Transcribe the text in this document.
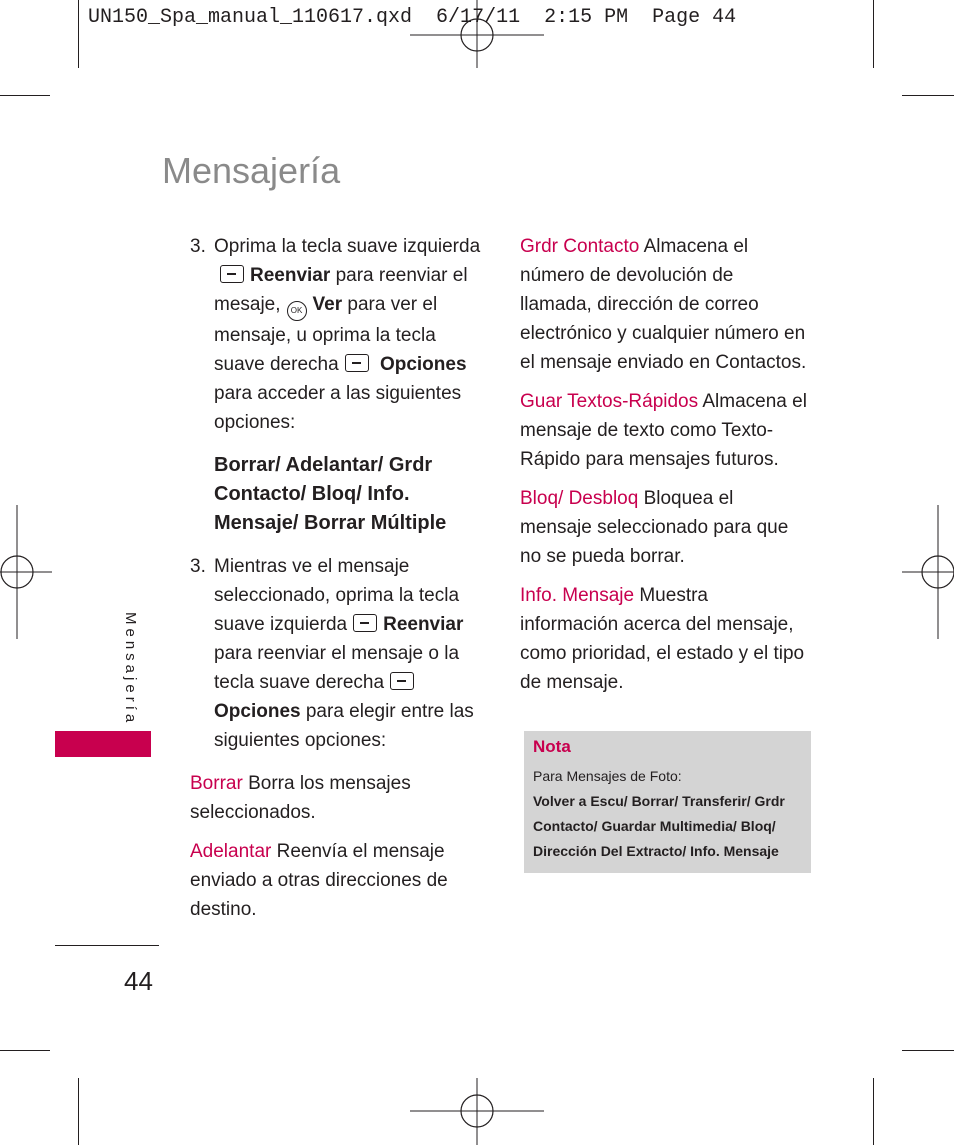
UN150_Spa_manual_110617.qxd  6/17/11  2:15 PM  Page 44
Mensajería
3. Oprima la tecla suave izquierdaReenviar para reenviar el mesaje, OK Ver para ver el mensaje, u oprima la tecla suave derecha Opciones para acceder a las siguientes opciones:
Borrar/ Adelantar/ Grdr Contacto/ Bloq/ Info. Mensaje/ Borrar Múltiple
3. Mientras ve el mensaje seleccionado, oprima la tecla suave izquierda Reenviar para reenviar el mensaje o la tecla suave derecha Opciones para elegir entre las siguientes opciones:
Borrar Borra los mensajes seleccionados.
Adelantar Reenvía el mensaje enviado a otras direcciones de destino.
Grdr Contacto Almacena el número de devolución de llamada, dirección de correo electrónico y cualquier número en el mensaje enviado en Contactos.
Guar Textos-Rápidos Almacena el mensaje de texto como Texto-Rápido para mensajes futuros.
Bloq/ Desbloq Bloquea el mensaje seleccionado para que no se pueda borrar.
Info. Mensaje Muestra información acerca del mensaje, como prioridad, el estado y el tipo de mensaje.
Nota
Para Mensajes de Foto:
Volver a Escu/ Borrar/ Transferir/ Grdr Contacto/ Guardar Multimedia/ Bloq/ Dirección Del Extracto/ Info. Mensaje
Mensajería
44
